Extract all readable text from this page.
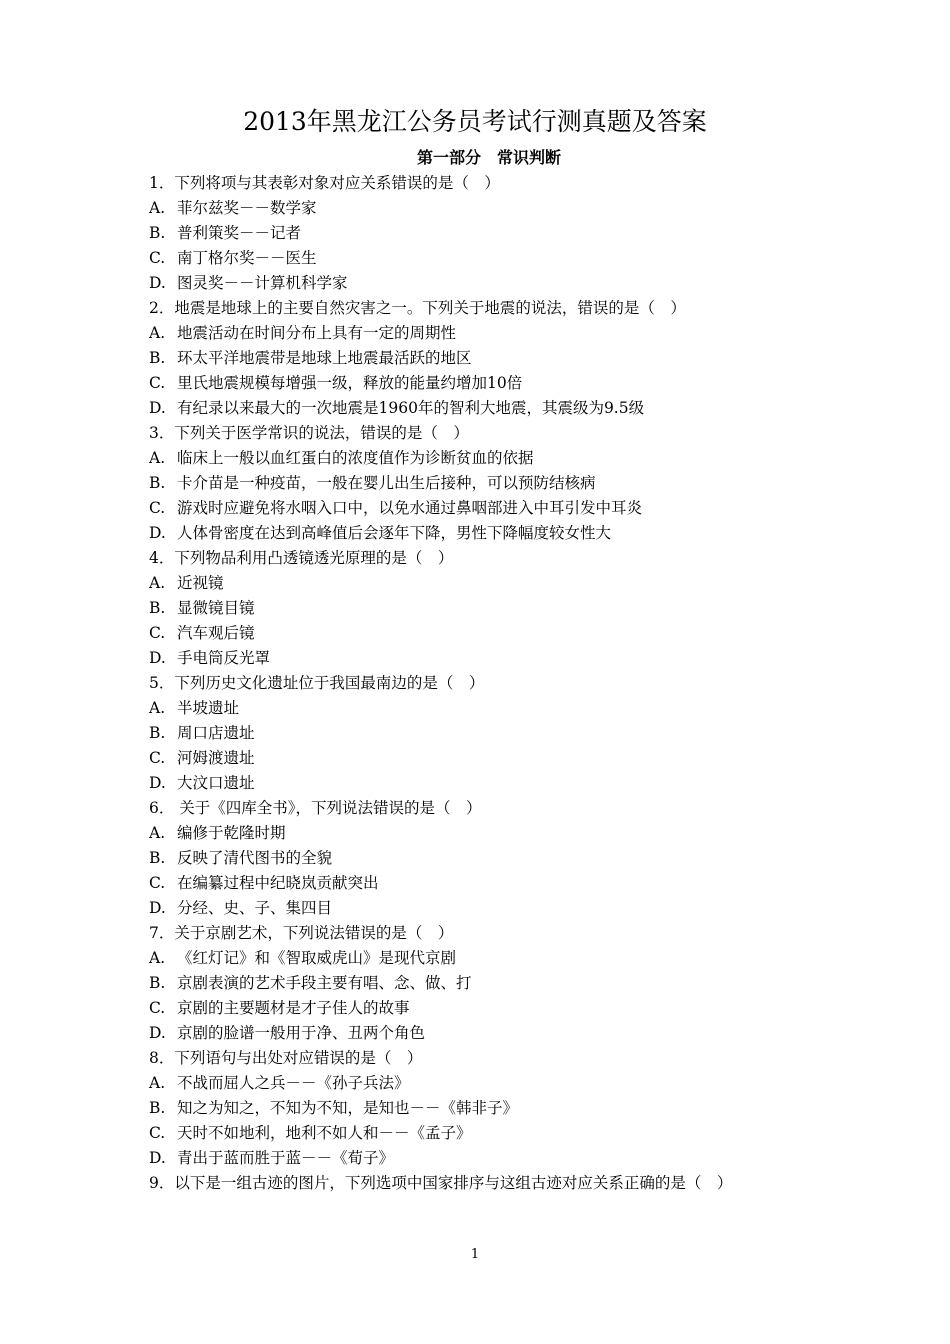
2013年黑龙江公务员考试行测真题及答案
第一部分　常识判断
1．下列将项与其表彰对象对应关系错误的是（　）
A. 菲尔兹奖－－数学家
B. 普利策奖－－记者
C. 南丁格尔奖－－医生
D. 图灵奖－－计算机科学家
2．地震是地球上的主要自然灾害之一。下列关于地震的说法，错误的是（　）
A. 地震活动在时间分布上具有一定的周期性
B. 环太平洋地震带是地球上地震最活跃的地区
C. 里氏地震规模每增强一级，释放的能量约增加10倍
D. 有纪录以来最大的一次地震是1960年的智利大地震，其震级为9.5级
3．下列关于医学常识的说法，错误的是（　）
A. 临床上一般以血红蛋白的浓度值作为诊断贫血的依据
B. 卡介苗是一种疫苗，一般在婴儿出生后接种，可以预防结核病
C. 游戏时应避免将水咽入口中，以免水通过鼻咽部进入中耳引发中耳炎
D. 人体骨密度在达到高峰值后会逐年下降，男性下降幅度较女性大
4．下列物品利用凸透镜透光原理的是（　）
A. 近视镜
B. 显微镜目镜
C. 汽车观后镜
D. 手电筒反光罩
5．下列历史文化遗址位于我国最南边的是（　）
A. 半坡遗址
B. 周口店遗址
C. 河姆渡遗址
D. 大汶口遗址
6． 关于《四库全书》，下列说法错误的是（　）
A. 编修于乾隆时期
B. 反映了清代图书的全貌
C. 在编纂过程中纪晓岚贡献突出
D. 分经、史、子、集四目
7．关于京剧艺术，下列说法错误的是（　）
A. 《红灯记》和《智取威虎山》是现代京剧
B. 京剧表演的艺术手段主要有唱、念、做、打
C. 京剧的主要题材是才子佳人的故事
D. 京剧的脸谱一般用于净、丑两个角色
8．下列语句与出处对应错误的是（　）
A. 不战而屈人之兵－－《孙子兵法》
B. 知之为知之，不知为不知，是知也－－《韩非子》
C. 天时不如地利，地利不如人和－－《孟子》
D. 青出于蓝而胜于蓝－－《荀子》
9．以下是一组古迹的图片，下列选项中国家排序与这组古迹对应关系正确的是（　）
1
